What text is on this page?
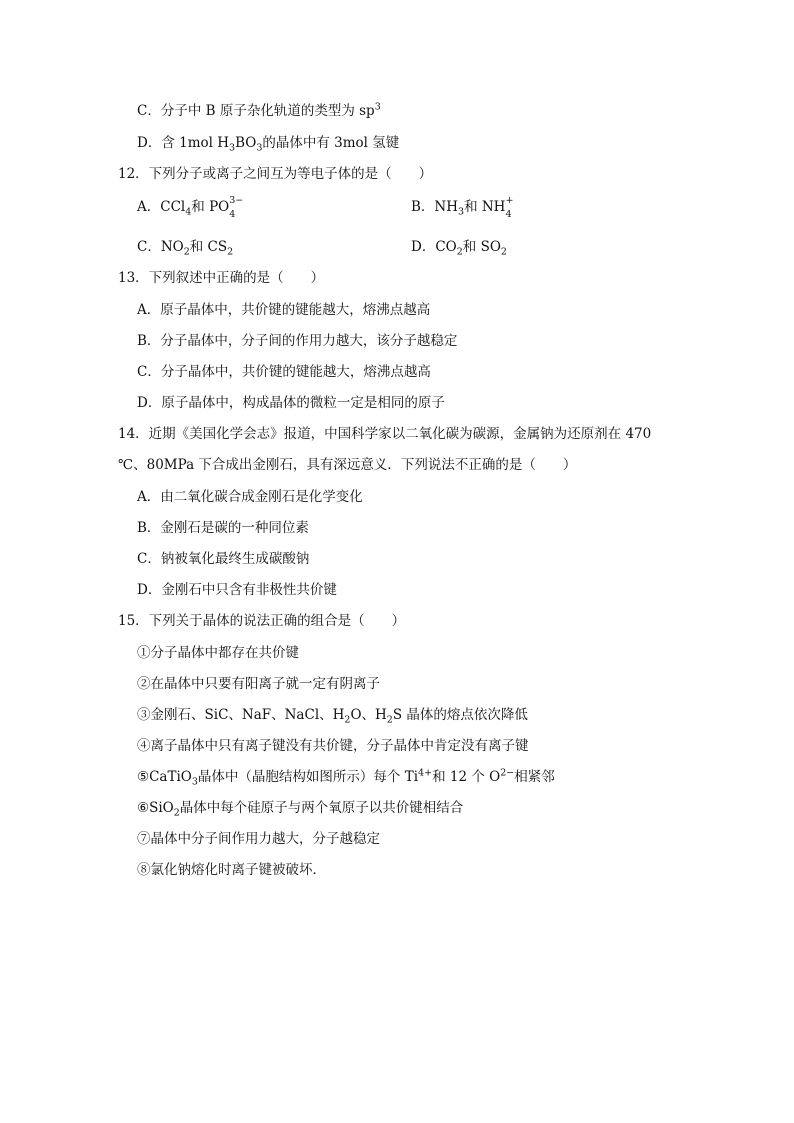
C．分子中 B 原子杂化轨道的类型为 $sp^3$
D．含 1mol $H_3BO_3$的晶体中有 3mol 氢键
12．下列分子或离子之间互为等电子体的是（　　）
A．CCl$_4$和 PO 3−
4	B．$NH_3$和 NH +
4
C．$NO_2$和 $CS_2$	D．$CO_2$和 $SO_2$
13．下列叙述中正确的是（　　）
A．原子晶体中，共价键的键能越大，熔沸点越高
B．分子晶体中，分子间的作用力越大，该分子越稳定
C．分子晶体中，共价键的键能越大，熔沸点越高
D．原子晶体中，构成晶体的微粒一定是相同的原子
14．近期《美国化学会志》报道，中国科学家以二氧化碳为碳源，金属钠为还原剂在 470
℃、80MPa 下合成出金刚石，具有深远意义．下列说法不正确的是（　　）
A．由二氧化碳合成金刚石是化学变化
B．金刚石是碳的一种同位素
C．钠被氧化最终生成碳酸钠
D．金刚石中只含有非极性共价键
15．下列关于晶体的说法正确的组合是（　　）
①分子晶体中都存在共价键
②在晶体中只要有阳离子就一定有阴离子
③金刚石、SiC、NaF、NaCl、$H_2O$、$H_2S$ 晶体的熔点依次降低
④离子晶体中只有离子键没有共价键，分子晶体中肯定没有离子键
⑤CaTiO$_3$晶体中（晶胞结构如图所示）每个 $Ti^{4+}$和 12 个 $O^{2-}$相紧邻
⑥SiO$_2$晶体中每个硅原子与两个氧原子以共价键相结合
⑦晶体中分子间作用力越大，分子越稳定
⑧氯化钠熔化时离子键被破坏．
